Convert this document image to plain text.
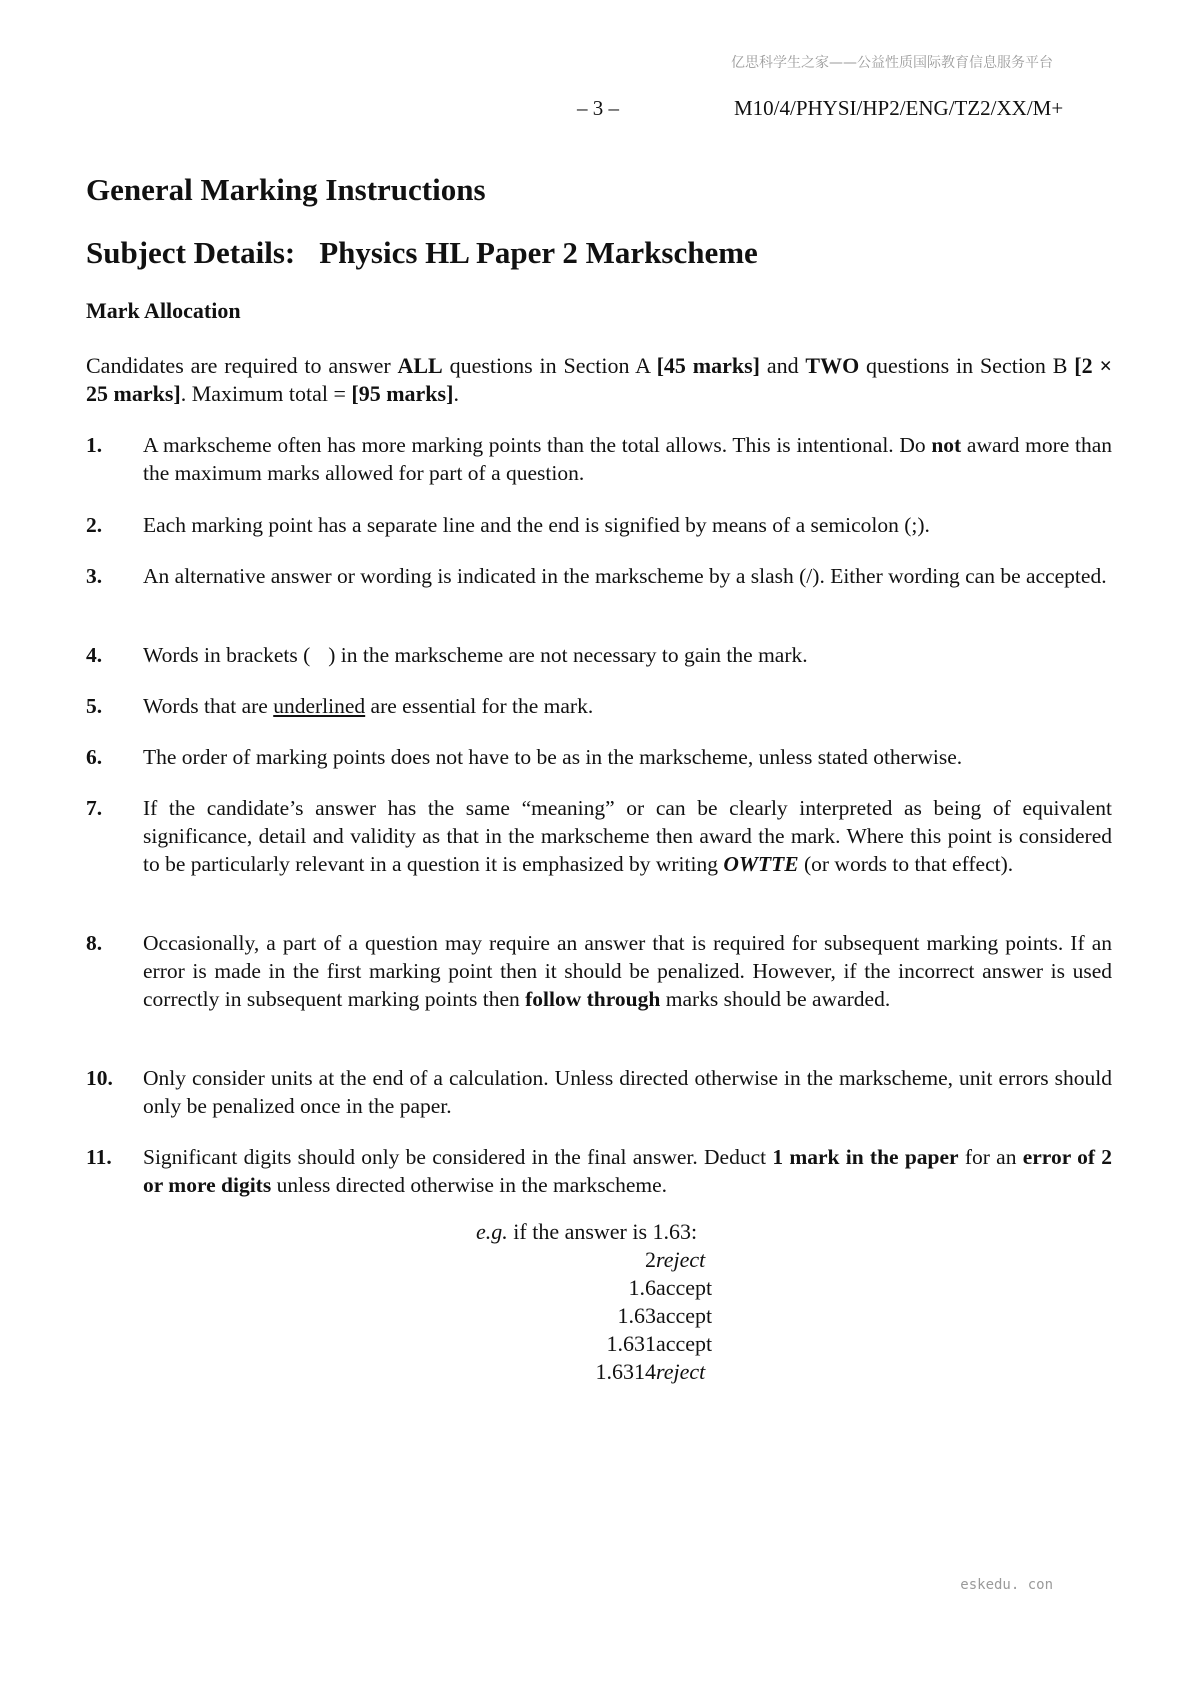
亿思科学生之家——公益性质国际教育信息服务平台
– 3 –	M10/4/PHYSI/HP2/ENG/TZ2/XX/M+
General Marking Instructions
Subject Details: Physics HL Paper 2 Markscheme
Mark Allocation

Candidates are required to answer ALL questions in Section A [45 marks] and TWO questions in Section B [2 × 25 marks]. Maximum total = [95 marks].

1.	A markscheme often has more marking points than the total allows. This is intentional. Do not award more than the maximum marks allowed for part of a question.
2.	Each marking point has a separate line and the end is signified by means of a semicolon (;).
3.	An alternative answer or wording is indicated in the markscheme by a slash (/). Either wording can be accepted.
4.	Words in brackets ( ) in the markscheme are not necessary to gain the mark.
5.	Words that are underlined are essential for the mark.
6.	The order of marking points does not have to be as in the markscheme, unless stated otherwise.
7.	If the candidate’s answer has the same “meaning” or can be clearly interpreted as being of equivalent significance, detail and validity as that in the markscheme then award the mark. Where this point is considered to be particularly relevant in a question it is emphasized by writing OWTTE (or words to that effect).
8.	Occasionally, a part of a question may require an answer that is required for subsequent marking points. If an error is made in the first marking point then it should be penalized. However, if the incorrect answer is used correctly in subsequent marking points then follow through marks should be awarded.
10.	Only consider units at the end of a calculation. Unless directed otherwise in the markscheme, unit errors should only be penalized once in the paper.
11.	Significant digits should only be considered in the final answer. Deduct 1 mark in the paper for an error of 2 or more digits unless directed otherwise in the markscheme.
e.g. if the answer is 1.63:
2 reject
1.6 accept
1.63 accept
1.631 accept
1.6314 reject
eskedu. con
